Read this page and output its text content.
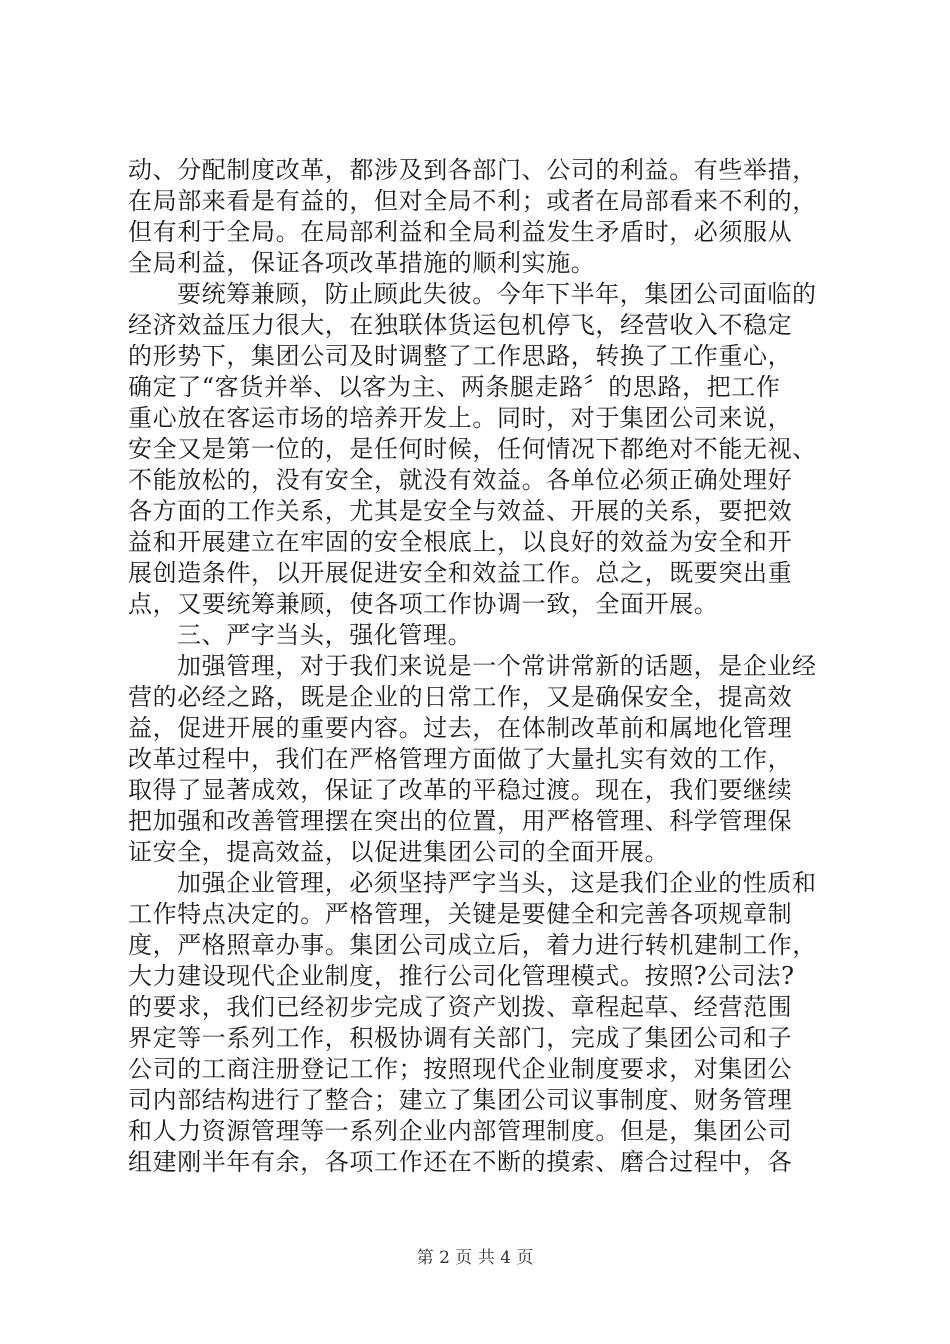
动、分配制度改革，都涉及到各部门、公司的利益。有些举措，
在局部来看是有益的，但对全局不利；或者在局部看来不利的，
但有利于全局。在局部利益和全局利益发生矛盾时，必须服从
全局利益，保证各项改革措施的顺利实施。
要统筹兼顾，防止顾此失彼。今年下半年，集团公司面临的
经济效益压力很大，在独联体货运包机停飞，经营收入不稳定
的形势下，集团公司及时调整了工作思路，转换了工作重心，
确定了“客货并举、以客为主、两条腿走路〞的思路，把工作
重心放在客运市场的培养开发上。同时，对于集团公司来说，
安全又是第一位的，是任何时候，任何情况下都绝对不能无视、
不能放松的，没有安全，就没有效益。各单位必须正确处理好
各方面的工作关系，尤其是安全与效益、开展的关系，要把效
益和开展建立在牢固的安全根底上，以良好的效益为安全和开
展创造条件，以开展促进安全和效益工作。总之，既要突出重
点，又要统筹兼顾，使各项工作协调一致，全面开展。
三、严字当头，强化管理。
加强管理，对于我们来说是一个常讲常新的话题，是企业经
营的必经之路，既是企业的日常工作，又是确保安全，提高效
益，促进开展的重要内容。过去，在体制改革前和属地化管理
改革过程中，我们在严格管理方面做了大量扎实有效的工作，
取得了显著成效，保证了改革的平稳过渡。现在，我们要继续
把加强和改善管理摆在突出的位置，用严格管理、科学管理保
证安全，提高效益，以促进集团公司的全面开展。
加强企业管理，必须坚持严字当头，这是我们企业的性质和
工作特点决定的。严格管理，关键是要健全和完善各项规章制
度，严格照章办事。集团公司成立后，着力进行转机建制工作，
大力建设现代企业制度，推行公司化管理模式。按照?公司法?
的要求，我们已经初步完成了资产划拨、章程起草、经营范围
界定等一系列工作，积极协调有关部门，完成了集团公司和子
公司的工商注册登记工作；按照现代企业制度要求，对集团公
司内部结构进行了整合；建立了集团公司议事制度、财务管理
和人力资源管理等一系列企业内部管理制度。但是，集团公司
组建刚半年有余，各项工作还在不断的摸索、磨合过程中，各
第 2 页 共 4 页
